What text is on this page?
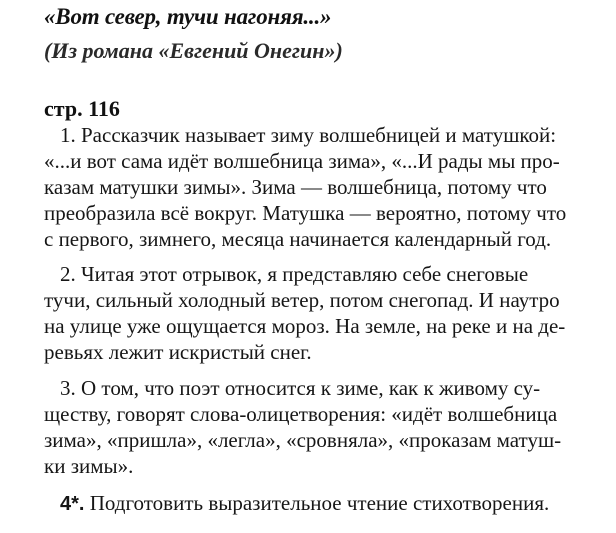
«Вот север, тучи нагоняя...»
(Из романа «Евгений Онегин»)
стр. 116
1. Рассказчик называет зиму волшебницей и матушкой:
«...и вот сама идёт волшебница зима», «...И рады мы про-
казам матушки зимы». Зима — волшебница, потому что
преобразила всё вокруг. Матушка — вероятно, потому что
с первого, зимнего, месяца начинается календарный год.
2. Читая этот отрывок, я представляю себе снеговые
тучи, сильный холодный ветер, потом снегопад. И наутро
на улице уже ощущается мороз. На земле, на реке и на де-
ревьях лежит искристый снег.
3. О том, что поэт относится к зиме, как к живому су-
ществу, говорят слова-олицетворения: «идёт волшебница
зима», «пришла», «легла», «сровняла», «проказам матуш-
ки зимы».
4*. Подготовить выразительное чтение стихотворения.
